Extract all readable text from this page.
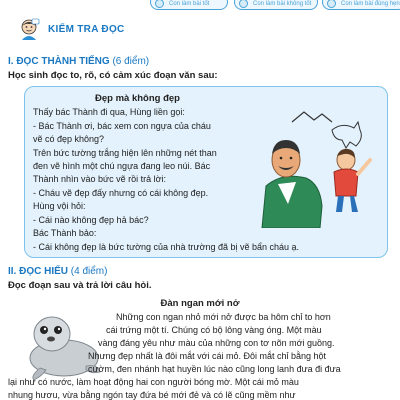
Con làm bài tốt	Con làm bài không tốt	Con làm bài đúng hẹn
KIỂM TRA ĐỌC
I. ĐỌC THÀNH TIẾNG (6 điểm)
Học sinh đọc to, rõ, có cảm xúc đoạn văn sau:
Đẹp mà không đẹp
Thấy bác Thành đi qua, Hùng liền gọi:
- Bác Thành ơi, bác xem con ngựa của cháu
vẽ có đẹp không?
Trên bức tường trắng hiện lên những nét than
đen vẽ hình một chú ngựa đang leo núi. Bác
Thành nhìn vào bức vẽ rồi trả lời:
- Cháu vẽ đẹp đấy nhưng có cái không đẹp.
Hùng vội hỏi:
- Cái nào không đẹp hả bác?
Bác Thành bảo:
- Cái không đẹp là bức tường của nhà trường đã bị vẽ bẩn cháu ạ.
II. ĐỌC HIỂU (4 điểm)
Đọc đoạn sau và trả lời câu hỏi.
Đàn ngan mới nở
Những con ngan nhỏ mới nở được ba hôm chỉ to hơn
cái trứng một tí. Chúng có bộ lông vàng óng. Một màu
vàng đáng yêu như màu của những con tơ nõn mới guồng.
Nhưng đẹp nhất là đôi mắt với cái mỏ. Đôi mắt chỉ bằng hột
cườm, đen nhánh hạt huyền lúc nào cũng long lanh đưa đi đưa
lại như có nước, làm hoạt động hai con người bóng mờ. Một cái mỏ màu
nhung hươu, vừa bằng ngón tay đứa bé mới đẻ và có lẽ cũng mềm như
